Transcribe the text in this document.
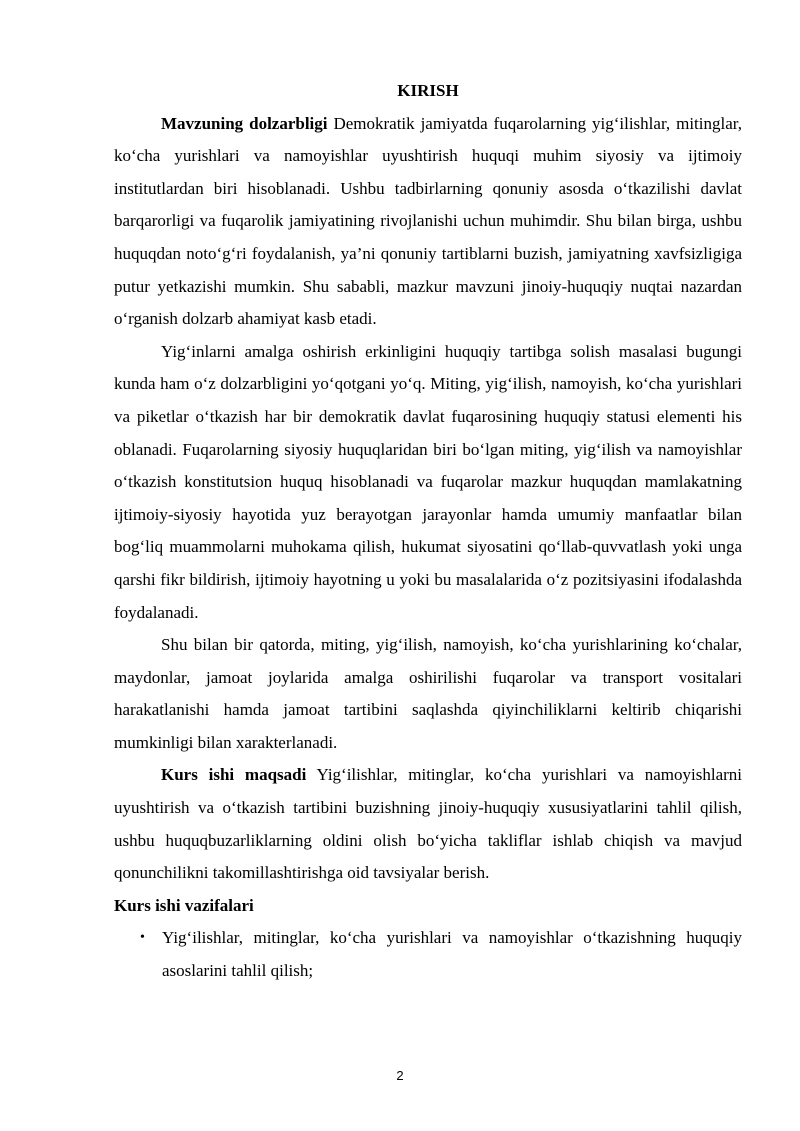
KIRISH

Mavzuning dolzarbligi Demokratik jamiyatda fuqarolarning yig‘ilishlar, mitinglar, ko‘cha yurishlari va namoyishlar uyushtirish huquqi muhim siyosiy va ijtimoiy institutlardan biri hisoblanadi. Ushbu tadbirlarning qonuniy asosda o‘tkazilishi davlat barqarorligi va fuqarolik jamiyatining rivojlanishi uchun muhimdir. Shu bilan birga, ushbu huquqdan noto‘g‘ri foydalanish, ya’ni qonuniy tartiblarni buzish, jamiyatning xavfsizligiga putur yetkazishi mumkin. Shu sababli, mazkur mavzuni jinoiy-huquqiy nuqtai nazardan o‘rganish dolzarb ahamiyat kasb etadi.

Yig‘inlarni amalga oshirish erkinligini huquqiy tartibga solish masalasi bugungi kunda ham o‘z dolzarbligini yo‘qotgani yo‘q. Miting, yig‘ilish, namoyish, ko‘cha yurishlari va piketlar o‘tkazish har bir demokratik davlat fuqarosining huquqiy statusi elementi his oblanadi. Fuqarolarning siyosiy huquqlaridan biri bo‘lgan miting, yig‘ilish va namoyishlar o‘tkazish konstitutsion huquq hisoblanadi va fuqarolar mazkur huquqdan mamlakatning ijtimoiy-siyosiy hayotida yuz berayotgan jarayonlar hamda umumiy manfaatlar bilan bog‘liq muammolarni muhokama qilish, hukumat siyosatini qo‘llab-quvvatlash yoki unga qarshi fikr bildirish, ijtimoiy hayotning u yoki bu masalalarida o‘z pozitsiyasini ifodalashda foydalanadi.

Shu bilan bir qatorda, miting, yig‘ilish, namoyish, ko‘cha yurishlarining ko‘chalar, maydonlar, jamoat joylarida amalga oshirilishi fuqarolar va transport vositalari harakatlanishi hamda jamoat tartibini saqlashda qiyinchiliklarni keltirib chiqarishi mumkinligi bilan xarakterlanadi.

Kurs ishi maqsadi Yig‘ilishlar, mitinglar, ko‘cha yurishlari va namoyishlarni uyushtirish va o‘tkazish tartibini buzishning jinoiy-huquqiy xususiyatlarini tahlil qilish, ushbu huquqbuzarliklarning oldini olish bo‘yicha takliflar ishlab chiqish va mavjud qonunchilikni takomillashtirishga oid tavsiyalar berish.

Kurs ishi vazifalari

• Yig‘ilishlar, mitinglar, ko‘cha yurishlari va namoyishlar o‘tkazishning huquqiy asoslarini tahlil qilish;
2
